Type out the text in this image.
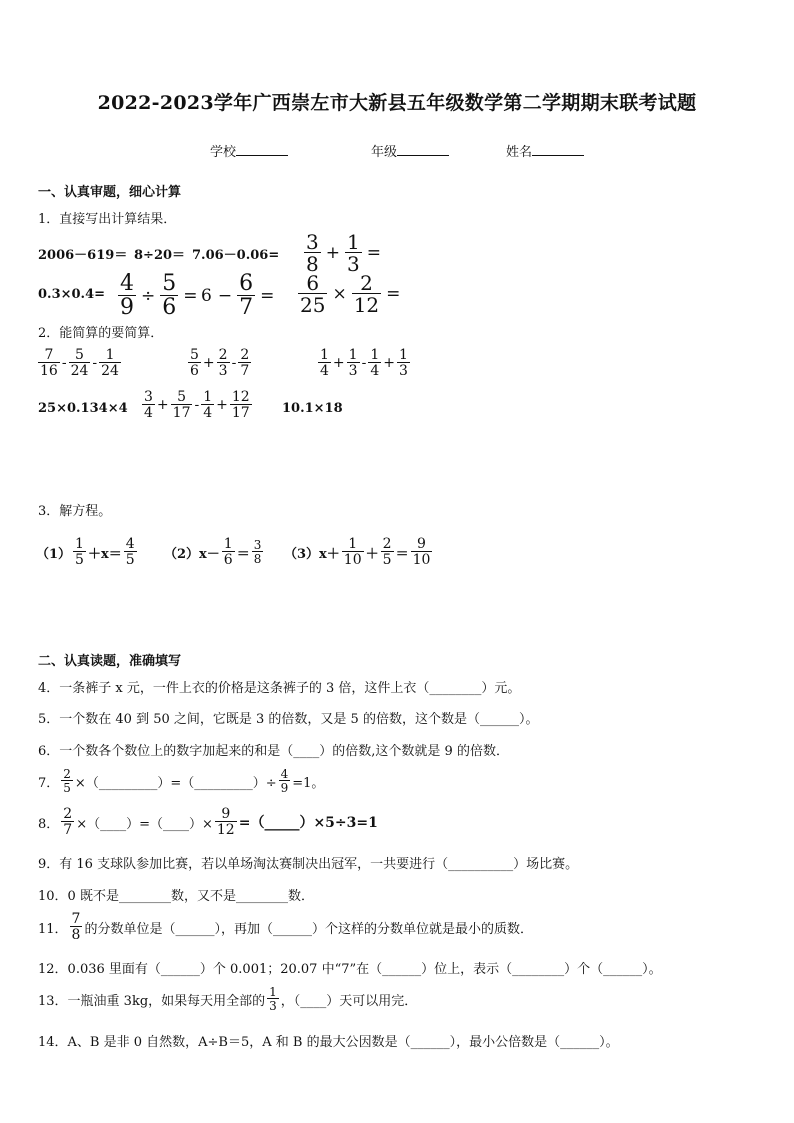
2022-2023学年广西崇左市大新县五年级数学第二学期期末联考试题
学校	年级	姓名
一、认真审题，细心计算
1．直接写出计算结果．
$2006-619= 8\div 20= 7.06-0.06= \frac{3}{8} + \frac{1}{3}$ =
$0.3\times 0.4= \frac{4}{9} \div \frac{5}{6} = 6 - \frac{6}{7} = \frac{6}{25} \times \frac{2}{12}$ =
2．能简算的要简算．
$\frac{7}{16} - \frac{5}{24} - \frac{1}{24}$	$\frac{5}{6} + \frac{2}{3} - \frac{2}{7}$	$\frac{1}{4} + \frac{1}{3} - \frac{1}{4} + \frac{1}{3}$
$25\times 0.134\times 4 \frac{3}{4} + \frac{5}{17} - \frac{1}{4} + \frac{12}{17} 10.1\times 18$
3．解方程。
$(1) \frac{1}{5} +x= \frac{4}{5} (2)x- \frac{1}{6} = \frac{3}{8} (3)x+ \frac{1}{10} + \frac{2}{5} = \frac{9}{10}$
二、认真读题，准确填写
4．一条裤子 x 元，一件上衣的价格是这条裤子的 3 倍，这件上衣（________）元。
5．一个数在 40 到 50 之间，它既是 3 的倍数，又是 5 的倍数，这个数是（______）。
6．一个数各个数位上的数字加起来的和是（____）的倍数,这个数就是 9 的倍数．
7． $\frac{2}{5}$ ×（_________）=（_________）÷ $\frac{4}{9} =1$。
8． $\frac{2}{7}$ ×（____）=（____）× $\frac{9}{12}$ =（_____）×5÷3=1
9．有 16 支球队参加比赛，若以单场淘汰赛制决出冠军，一共要进行（__________）场比赛。
10．0 既不是________数，又不是________数．
11． $\frac{7}{8}$ 的分数单位是（______），再加（______）个这样的分数单位就是最小的质数．
12．0.036 里面有（______）个 0.001；20.07 中“7”在（______）位上，表示（________）个（______）。
13．一瓶油重 3kg，如果每天用全部的 $\frac{1}{3}$ ，（____）天可以用完．
14．A、B 是非 0 自然数，A÷B＝5，A 和 B 的最大公因数是（______），最小公倍数是（______）。
